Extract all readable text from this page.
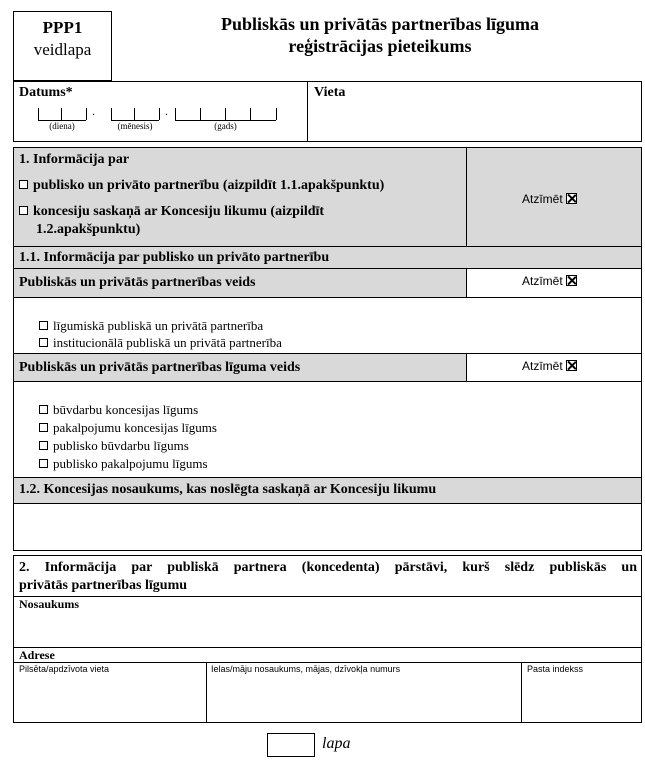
PPP1
veidlapa
Publiskās un privātās partnerības līguma
reģistrācijas pieteikums
Datums*	Vieta
.	.
(diena)	(mēnesis)	(gads)
1. Informācija par
publisko un privāto partnerību (aizpildīt 1.1.apakšpunktu)
koncesiju saskaņā ar Koncesiju likumu (aizpildīt
1.2.apakšpunktu)
Atzīmēt
1.1. Informācija par publisko un privāto partnerību
Publiskās un privātās partnerības veids	Atzīmēt
līgumiskā publiskā un privātā partnerība
institucionālā publiskā un privātā partnerība
Publiskās un privātās partnerības līguma veids	Atzīmēt
būvdarbu koncesijas līgums
pakalpojumu koncesijas līgums
publisko būvdarbu līgums
publisko pakalpojumu līgums
1.2. Koncesijas nosaukums, kas noslēgta saskaņā ar Koncesiju likumu
2. Informācija par publiskā partnera (koncedenta) pārstāvi, kurš slēdz publiskās un
privātās partnerības līgumu
Nosaukums
Adrese
Pilsēta/apdzīvota vieta	Ielas/māju nosaukums, mājas, dzīvokļa numurs	Pasta indekss
lapa
